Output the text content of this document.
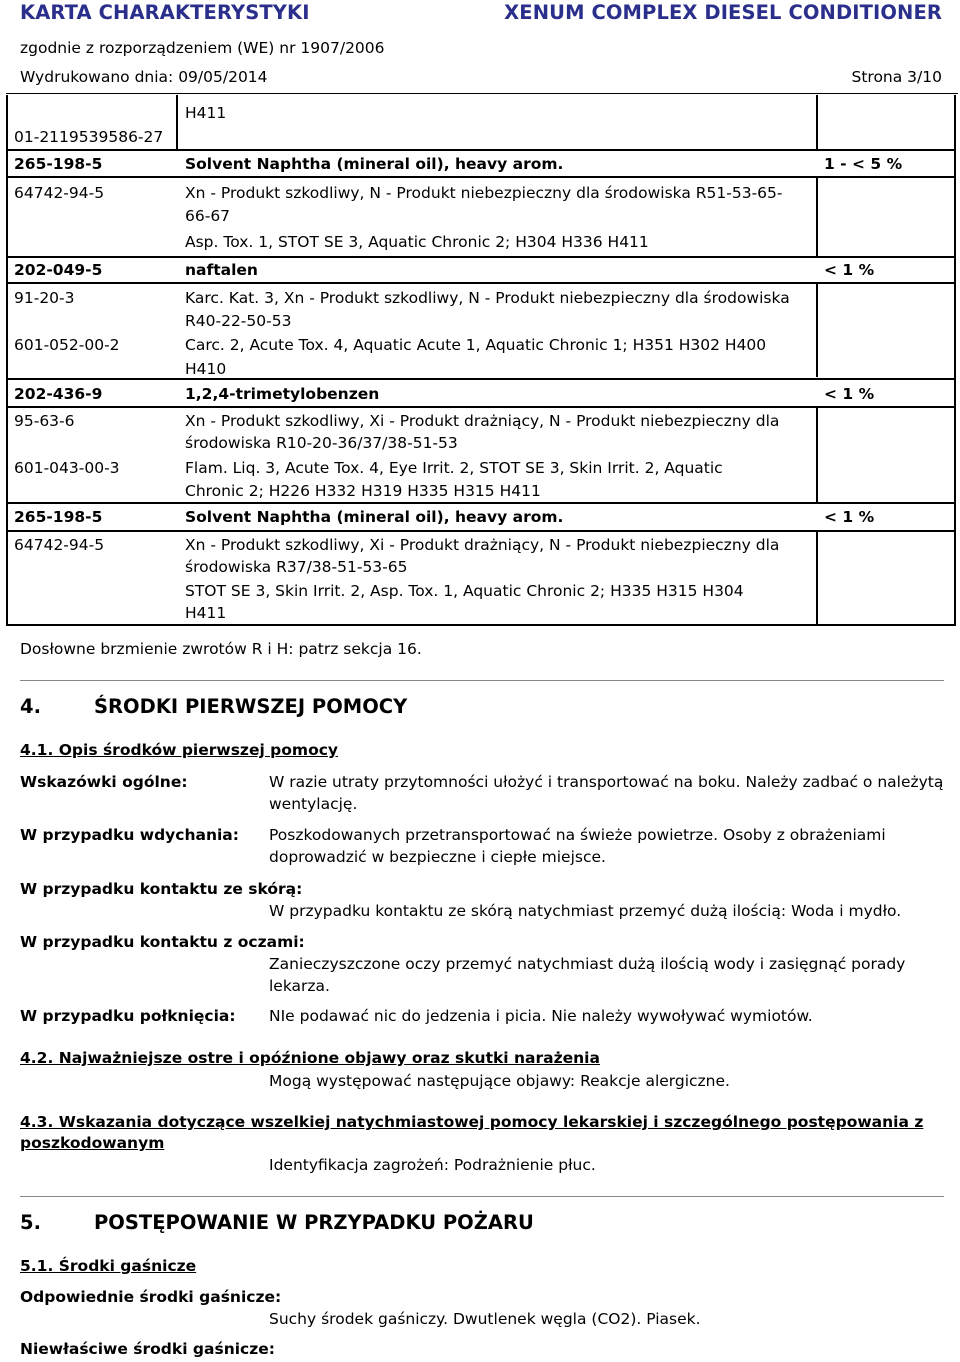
KARTA CHARAKTERYSTYKI	XENUM COMPLEX DIESEL CONDITIONER
zgodnie z rozporządzeniem (WE) nr 1907/2006
Wydrukowano dnia: 09/05/2014	Strona 3/10
H411
01-2119539586-27
265-198-5	Solvent Naphtha (mineral oil), heavy arom.	1 - < 5 %
64742-94-5	Xn - Produkt szkodliwy, N - Produkt niebezpieczny dla środowiska R51-53-65-
66-67
Asp. Tox. 1, STOT SE 3, Aquatic Chronic 2; H304 H336 H411
202-049-5	naftalen	< 1 %
91-20-3	Karc. Kat. 3, Xn - Produkt szkodliwy, N - Produkt niebezpieczny dla środowiska
R40-22-50-53
601-052-00-2	Carc. 2, Acute Tox. 4, Aquatic Acute 1, Aquatic Chronic 1; H351 H302 H400
H410
202-436-9	1,2,4-trimetylobenzen	< 1 %
95-63-6	Xn - Produkt szkodliwy, Xi - Produkt drażniący, N - Produkt niebezpieczny dla
środowiska R10-20-36/37/38-51-53
601-043-00-3	Flam. Liq. 3, Acute Tox. 4, Eye Irrit. 2, STOT SE 3, Skin Irrit. 2, Aquatic
Chronic 2; H226 H332 H319 H335 H315 H411
265-198-5	Solvent Naphtha (mineral oil), heavy arom.	< 1 %
64742-94-5	Xn - Produkt szkodliwy, Xi - Produkt drażniący, N - Produkt niebezpieczny dla
środowiska R37/38-51-53-65
STOT SE 3, Skin Irrit. 2, Asp. Tox. 1, Aquatic Chronic 2; H335 H315 H304
H411
Dosłowne brzmienie zwrotów R i H: patrz sekcja 16.
4.	ŚRODKI PIERWSZEJ POMOCY
4.1. Opis środków pierwszej pomocy
Wskazówki ogólne:	W razie utraty przytomności ułożyć i transportować na boku. Należy zadbać o należytą
wentylację.
W przypadku wdychania: Poszkodowanych przetransportować na świeże powietrze. Osoby z obrażeniami
doprowadzić w bezpieczne i ciepłe miejsce.
W przypadku kontaktu ze skórą:
W przypadku kontaktu ze skórą natychmiast przemyć dużą ilością: Woda i mydło.
W przypadku kontaktu z oczami:
Zanieczyszczone oczy przemyć natychmiast dużą ilością wody i zasięgnąć porady
lekarza.
W przypadku połknięcia: NIe podawać nic do jedzenia i picia. Nie należy wywoływać wymiotów.
4.2. Najważniejsze ostre i opóźnione objawy oraz skutki narażenia
Mogą występować następujące objawy: Reakcje alergiczne.
4.3. Wskazania dotyczące wszelkiej natychmiastowej pomocy lekarskiej i szczególnego postępowania z
poszkodowanym
Identyfikacja zagrożeń: Podrażnienie płuc.
5.	POSTĘPOWANIE W PRZYPADKU POŻARU
5.1. Środki gaśnicze
Odpowiednie środki gaśnicze:
Suchy środek gaśniczy. Dwutlenek węgla (CO2). Piasek.
Niewłaściwe środki gaśnicze:
